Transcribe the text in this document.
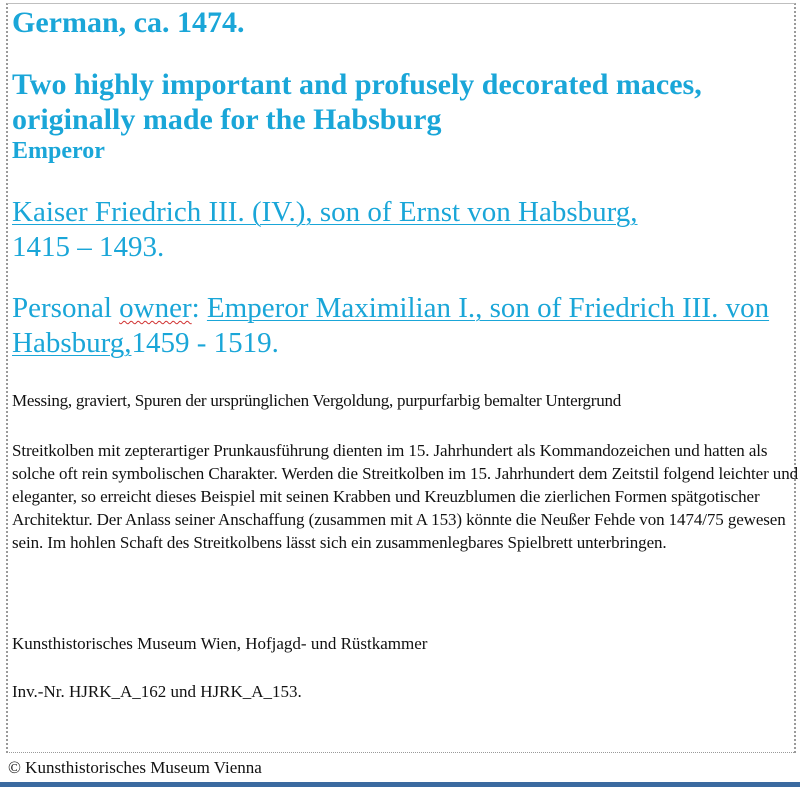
German, ca. 1474.
Two highly important and profusely decorated maces, originally made for the Habsburg
Emperor

Kaiser Friedrich III. (IV.), son of Ernst von Habsburg,
1415 – 1493.

Personal owner: Emperor Maximilian I., son of Friedrich III. von Habsburg,1459 - 1519.

Messing, graviert, Spuren der ursprünglichen Vergoldung, purpurfarbig bemalter Untergrund

Streitkolben mit zepterartiger Prunkausführung dienten im 15. Jahrhundert als Kommandozeichen und hatten als solche oft rein symbolischen Charakter. Werden die Streitkolben im 15. Jahrhundert dem Zeitstil folgend leichter und eleganter, so erreicht dieses Beispiel mit seinen Krabben und Kreuzblumen die zierlichen Formen spätgotischer Architektur. Der Anlass seiner Anschaffung (zusammen mit A 153) könnte die Neußer Fehde von 1474/75 gewesen sein. Im hohlen Schaft des Streitkolbens lässt sich ein zusammenlegbares Spielbrett unterbringen.

Kunsthistorisches Museum Wien, Hofjagd- und Rüstkammer

Inv.-Nr. HJRK_A_162 und HJRK_A_153.

© Kunsthistorisches Museum Vienna
